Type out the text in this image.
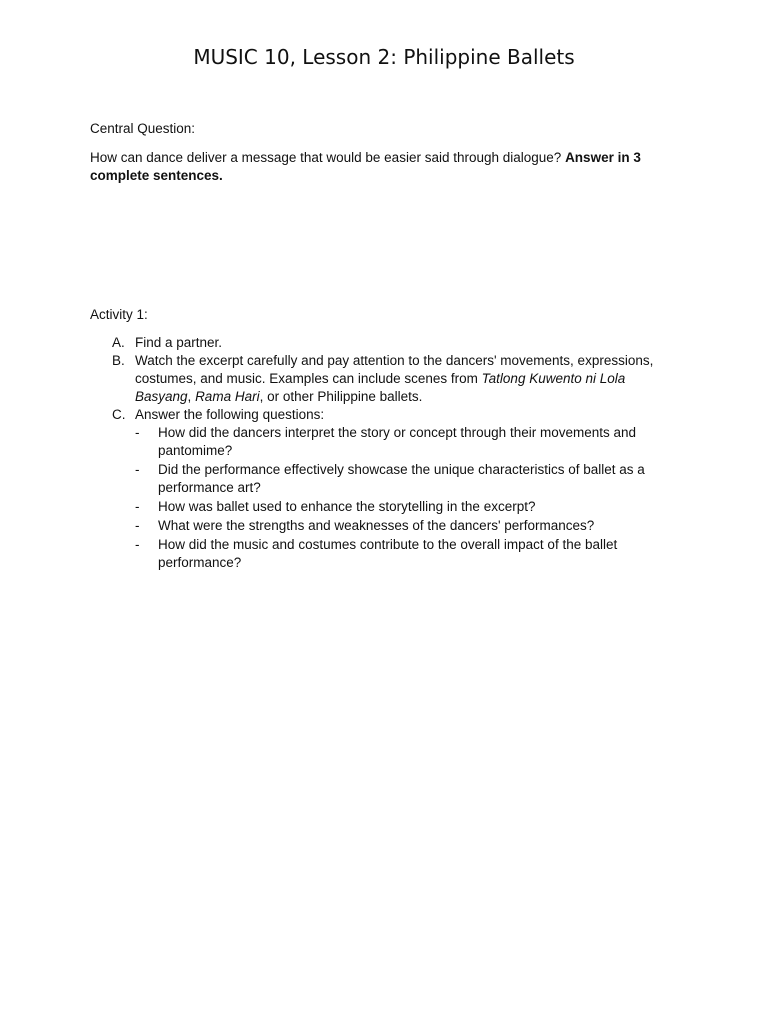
MUSIC 10, Lesson 2: Philippine Ballets

Central Question:

How can dance deliver a message that would be easier said through dialogue? Answer in 3 complete sentences.

Activity 1:

A. Find a partner.
B. Watch the excerpt carefully and pay attention to the dancers' movements, expressions, costumes, and music. Examples can include scenes from Tatlong Kuwento ni Lola Basyang, Rama Hari, or other Philippine ballets.
C. Answer the following questions:
- How did the dancers interpret the story or concept through their movements and pantomime?
- Did the performance effectively showcase the unique characteristics of ballet as a performance art?
- How was ballet used to enhance the storytelling in the excerpt?
- What were the strengths and weaknesses of the dancers' performances?
- How did the music and costumes contribute to the overall impact of the ballet performance?
